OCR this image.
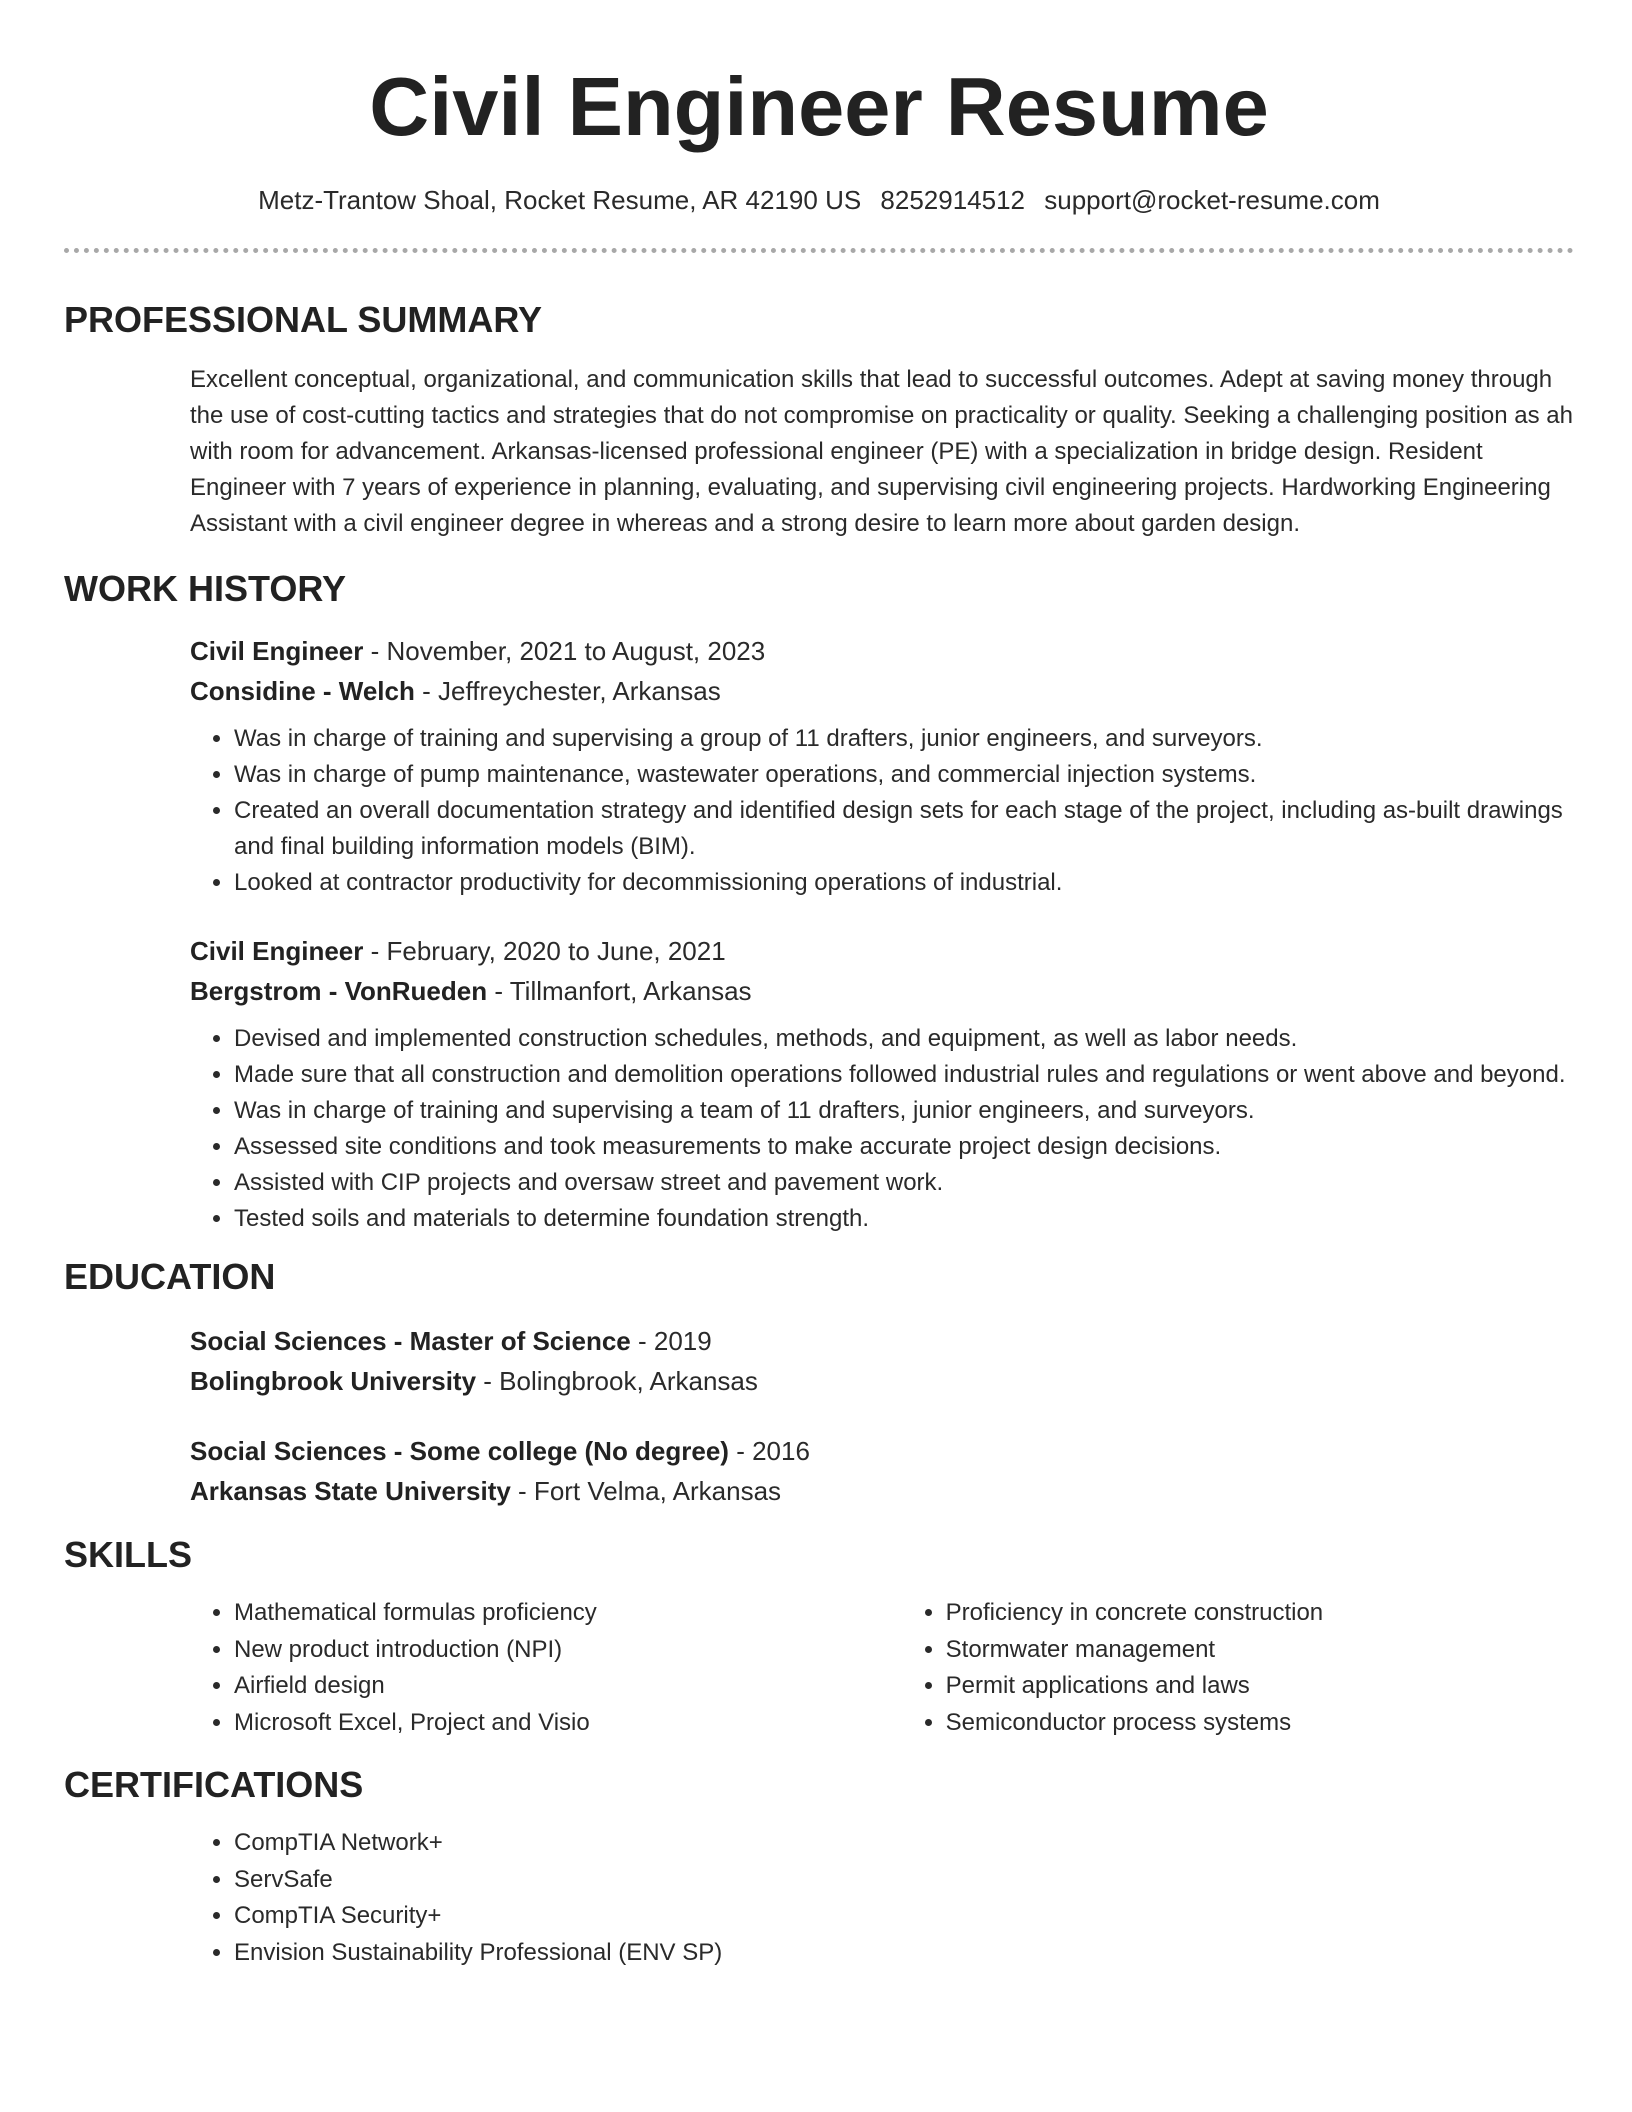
Civil Engineer Resume
Metz-Trantow Shoal, Rocket Resume, AR 42190 US 8252914512 support@rocket-resume.com
PROFESSIONAL SUMMARY

Excellent conceptual, organizational, and communication skills that lead to successful outcomes. Adept at saving money through the use of cost-cutting tactics and strategies that do not compromise on practicality or quality. Seeking a challenging position as ah with room for advancement. Arkansas-licensed professional engineer (PE) with a specialization in bridge design. Resident Engineer with 7 years of experience in planning, evaluating, and supervising civil engineering projects. Hardworking Engineering Assistant with a civil engineer degree in whereas and a strong desire to learn more about garden design.

WORK HISTORY
Civil Engineer - November, 2021 to August, 2023
Considine - Welch - Jeffreychester, Arkansas
• Was in charge of training and supervising a group of 11 drafters, junior engineers, and surveyors.
• Was in charge of pump maintenance, wastewater operations, and commercial injection systems.
• Created an overall documentation strategy and identified design sets for each stage of the project, including as-built drawings and final building information models (BIM).
• Looked at contractor productivity for decommissioning operations of industrial.
Civil Engineer - February, 2020 to June, 2021
Bergstrom - VonRueden - Tillmanfort, Arkansas
• Devised and implemented construction schedules, methods, and equipment, as well as labor needs.
• Made sure that all construction and demolition operations followed industrial rules and regulations or went above and beyond.
• Was in charge of training and supervising a team of 11 drafters, junior engineers, and surveyors.
• Assessed site conditions and took measurements to make accurate project design decisions.
• Assisted with CIP projects and oversaw street and pavement work.
• Tested soils and materials to determine foundation strength.
EDUCATION
Social Sciences - Master of Science - 2019
Bolingbrook University - Bolingbrook, Arkansas
Social Sciences - Some college (No degree) - 2016
Arkansas State University - Fort Velma, Arkansas
SKILLS
• Mathematical formulas proficiency
• New product introduction (NPI)
• Airfield design
• Microsoft Excel, Project and Visio
• Proficiency in concrete construction
• Stormwater management
• Permit applications and laws
• Semiconductor process systems
CERTIFICATIONS
• CompTIA Network+
• ServSafe
• CompTIA Security+
• Envision Sustainability Professional (ENV SP)
